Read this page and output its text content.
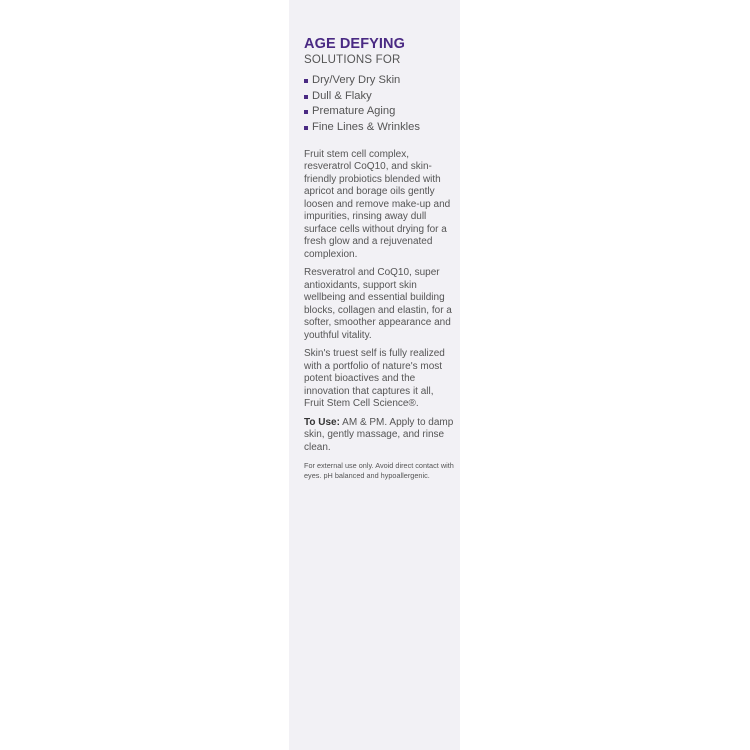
AGE DEFYING
SOLUTIONS FOR
Dry/Very Dry Skin
Dull & Flaky
Premature Aging
Fine Lines & Wrinkles

Fruit stem cell complex, resveratrol CoQ10, and skin-friendly probiotics blended with apricot and borage oils gently loosen and remove make-up and impurities, rinsing away dull surface cells without drying for a fresh glow and a rejuvenated complexion.

Resveratrol and CoQ10, super antioxidants, support skin wellbeing and essential building blocks, collagen and elastin, for a softer, smoother appearance and youthful vitality.

Skin's truest self is fully realized with a portfolio of nature's most potent bioactives and the innovation that captures it all, Fruit Stem Cell Science®.

To Use: AM & PM. Apply to damp skin, gently massage, and rinse clean.

For external use only. Avoid direct contact with eyes. pH balanced and hypoallergenic.
